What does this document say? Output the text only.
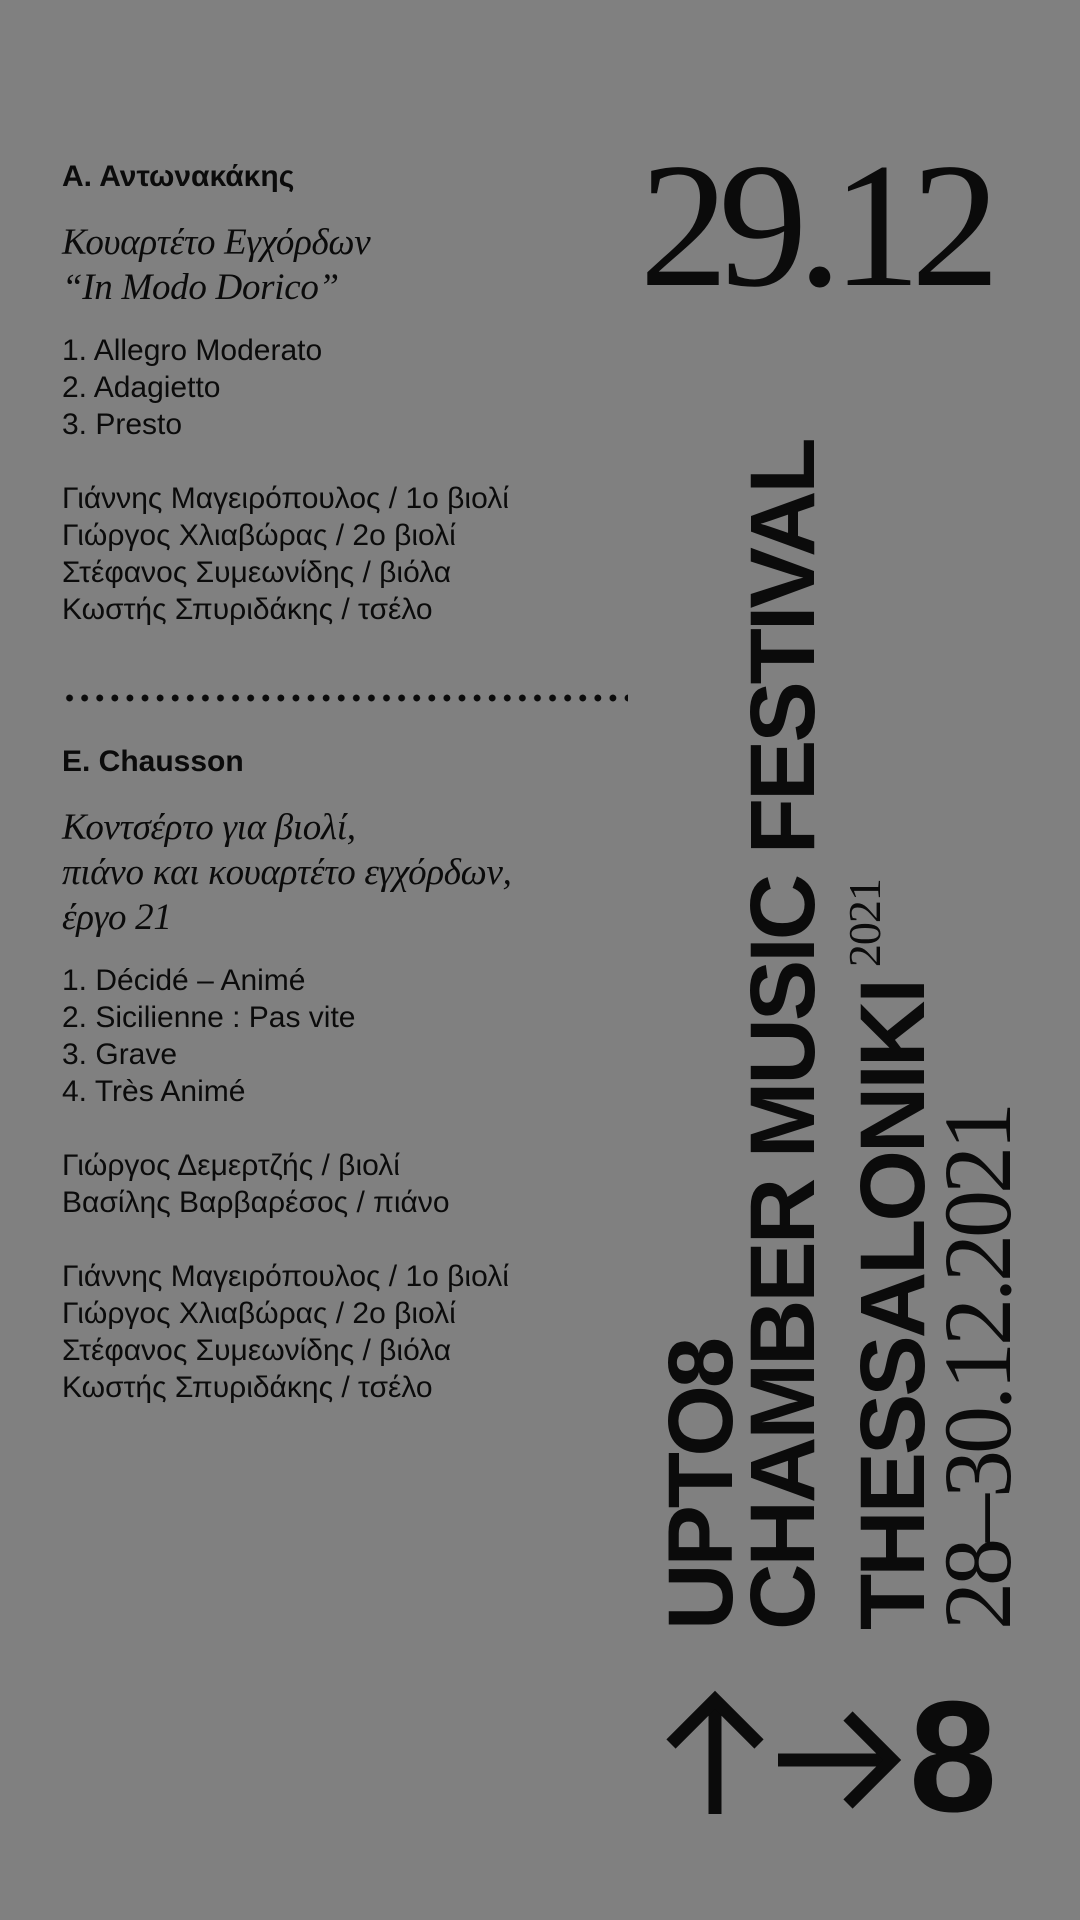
Α. Αντωνακάκης

Κουαρτέτο Εγχόρδων
“In Modo Dorico”
1. Allegro Moderato
2. Adagietto
3. Presto
Γιάννης Μαγειρόπουλος / 1ο βιολί
Γιώργος Χλιαβώρας / 2ο βιολί
Στέφανος Συμεωνίδης / βιόλα
Κωστής Σπυριδάκης / τσέλο

E. Chausson

Κοντσέρτο για βιολί,
πιάνο και κουαρτέτο εγχόρδων,
έργο 21
1. Décidé – Animé
2. Sicilienne : Pas vite
3. Grave
4. Très Animé
Γιώργος Δεμερτζής / βιολί
Βασίλης Βαρβαρέσος / πιάνο
Γιάννης Μαγειρόπουλος / 1ο βιολί
Γιώργος Χλιαβώρας / 2ο βιολί
Στέφανος Συμεωνίδης / βιόλα
Κωστής Σπυριδάκης / τσέλο
29.12

UPTO8

CHAMBER MUSIC FESTIVAL $THESSALONIKI^{2021}$

28–30.12.2021

8
